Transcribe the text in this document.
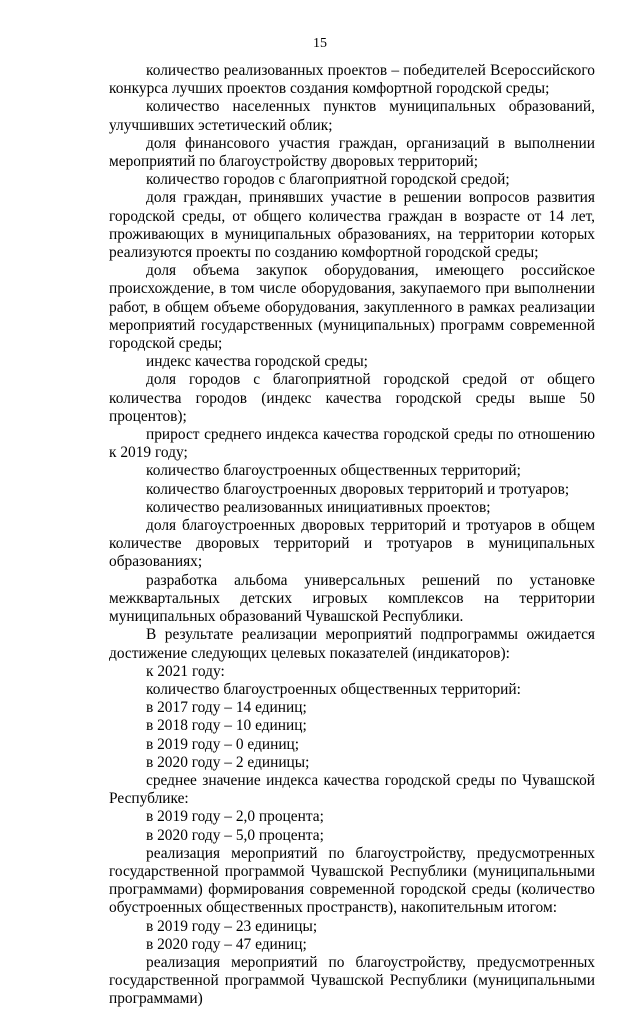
15

количество реализованных проектов – победителей Всероссийского конкурса лучших проектов создания комфортной городской среды;

количество населенных пунктов муниципальных образований, улучшивших эстетический облик;

доля финансового участия граждан, организаций в выполнении мероприятий по благоустройству дворовых территорий;

количество городов с благоприятной городской средой;

доля граждан, принявших участие в решении вопросов развития городской среды, от общего количества граждан в возрасте от 14 лет, проживающих в муниципальных образованиях, на территории которых реализуются проекты по созданию комфортной городской среды;

доля объема закупок оборудования, имеющего российское происхождение, в том числе оборудования, закупаемого при выполнении работ, в общем объеме оборудования, закупленного в рамках реализации мероприятий государственных (муниципальных) программ современной городской среды;

индекс качества городской среды;

доля городов с благоприятной городской средой от общего количества городов (индекс качества городской среды выше 50 процентов);

прирост среднего индекса качества городской среды по отношению к 2019 году;

количество благоустроенных общественных территорий;

количество благоустроенных дворовых территорий и тротуаров;

количество реализованных инициативных проектов;

доля благоустроенных дворовых территорий и тротуаров в общем количестве дворовых территорий и тротуаров в муниципальных образованиях;

разработка альбома универсальных решений по установке межквартальных детских игровых комплексов на территории муниципальных образований Чувашской Республики.

В результате реализации мероприятий подпрограммы ожидается достижение следующих целевых показателей (индикаторов):

к 2021 году:

количество благоустроенных общественных территорий:

в 2017 году – 14 единиц;

в 2018 году – 10 единиц;

в 2019 году – 0 единиц;

в 2020 году – 2 единицы;

среднее значение индекса качества городской среды по Чувашской Республике:

в 2019 году – 2,0 процента;

в 2020 году – 5,0 процента;

реализация мероприятий по благоустройству, предусмотренных государственной программой Чувашской Республики (муниципальными программами) формирования современной городской среды (количество обустроенных общественных пространств), накопительным итогом:

в 2019 году – 23 единицы;

в 2020 году – 47 единиц;

реализация мероприятий по благоустройству, предусмотренных государственной программой Чувашской Республики (муниципальными программами)
